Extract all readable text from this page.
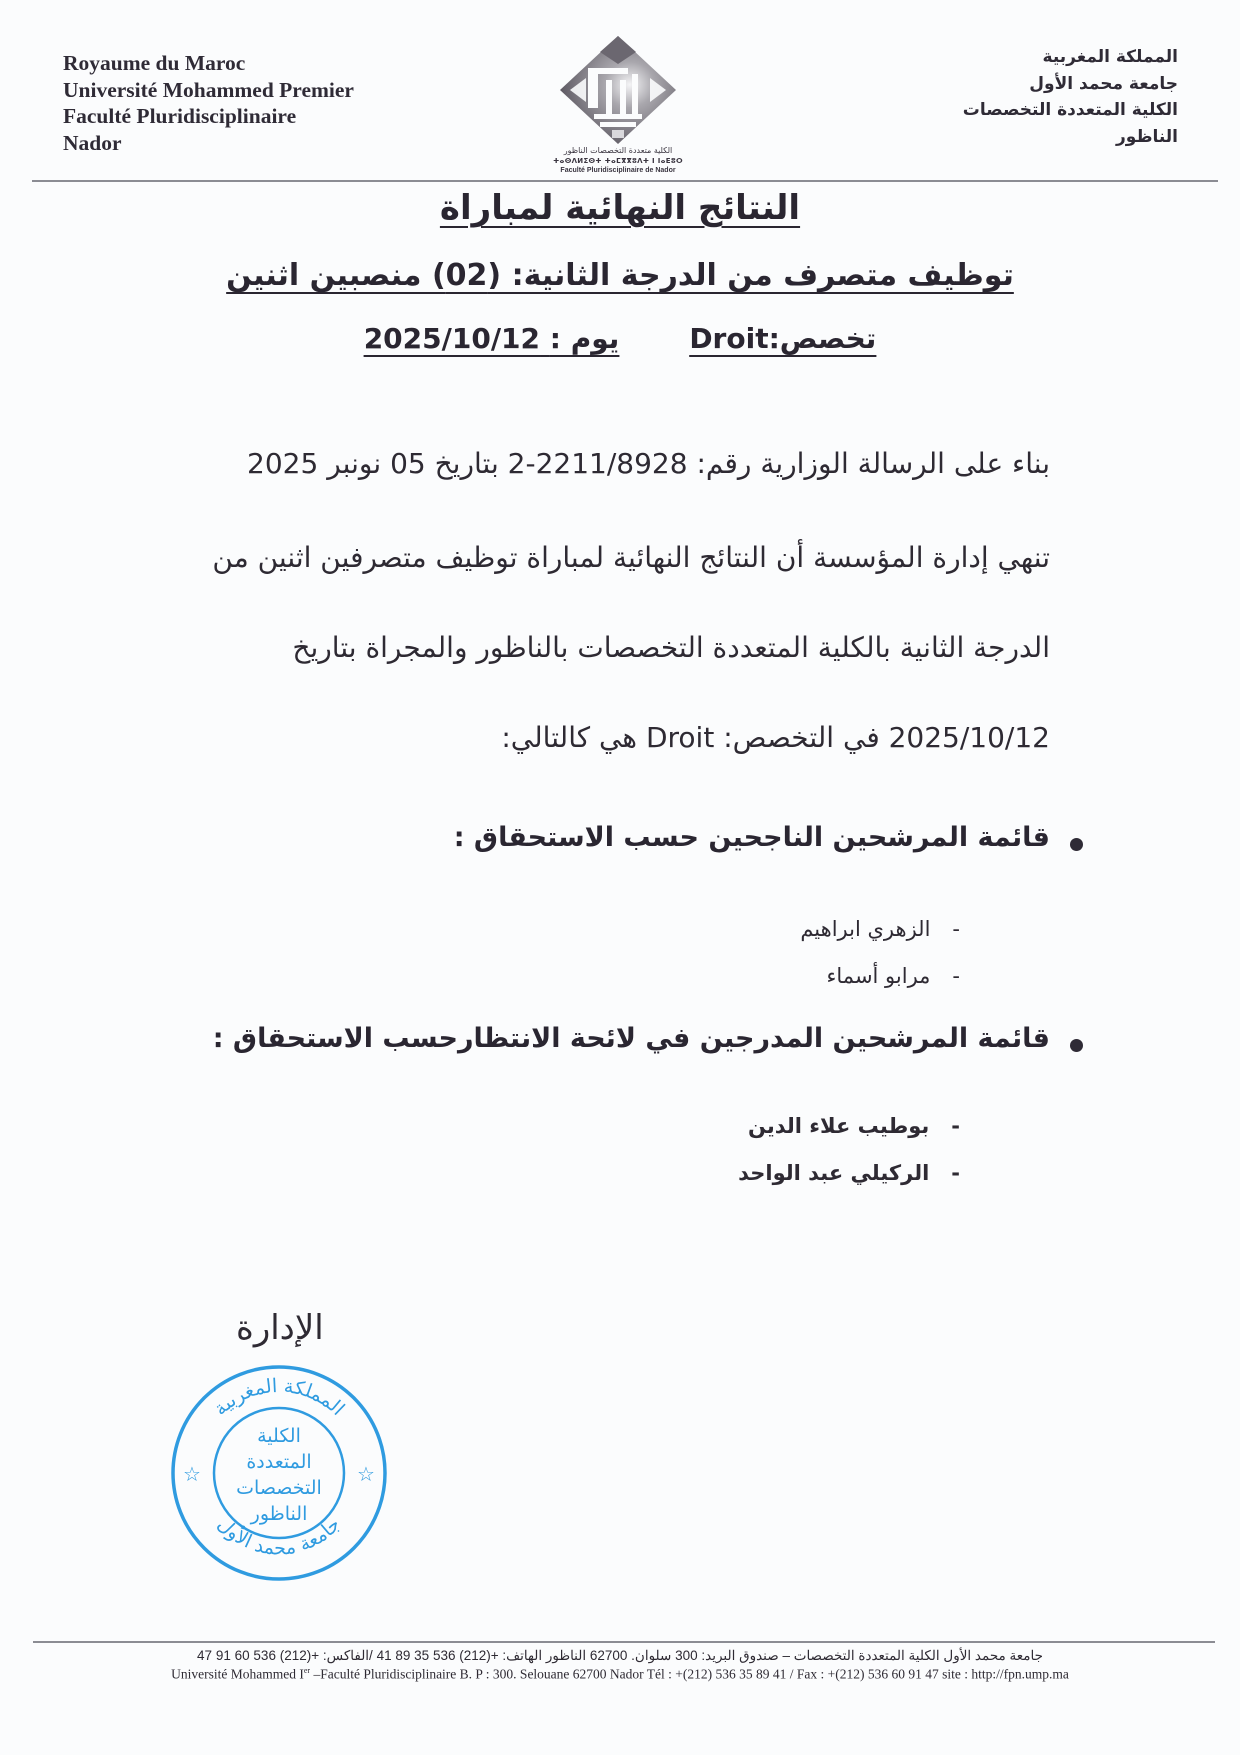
Royaume du Maroc
Université Mohammed Premier
Faculté Pluridisciplinaire
Nador	الكلية متعددة التخصصات الناظور
ⵜⴰⵙⴷⵍⵉⵙⵜ ⵜⴰⵎⴳⴳⵓⴷⵜ ⵏ ⵏⴰⴹⵓⵔ
Faculté Pluridisciplinaire de Nador
المملكة المغربية
جامعة محمد الأول
الكلية المتعددة التخصصات
الناظور
النتائج النهائية لمباراة
توظيف متصرف من الدرجة الثانية: (02) منصبين اثنين
تخصص:Droitيوم : 2025/10/12
بناء على الرسالة الوزارية رقم: 2211/8928-2 بتاريخ 05 نونبر 2025
تنهي إدارة المؤسسة أن النتائج النهائية لمباراة توظيف متصرفين اثنين من
الدرجة الثانية بالكلية المتعددة التخصصات بالناظور والمجراة بتاريخ
2025/10/12 في التخصص: Droit هي كالتالي:
قائمة المرشحين الناجحين حسب الاستحقاق :
-الزهري ابراهيم
-مرابو أسماء
قائمة المرشحين المدرجين في لائحة الانتظارحسب الاستحقاق :
-بوطيب علاء الدين
-الركيلي عبد الواحد
الإدارة
المملكة المغربية
جامعة محمد الأول
☆	☆
الكلية
المتعددة
التخصصات
الناظور
جامعة محمد الأول الكلية المتعددة التخصصات – صندوق البريد: 300 سلوان. 62700 الناظور الهاتف: +(212) 536 35 89 41 /الفاكس: +(212) 536 60 91 47
Université Mohammed Ier –Faculté Pluridisciplinaire B. P : 300. Selouane 62700 Nador Tél : +(212) 536 35 89 41 / Fax : +(212) 536 60 91 47 site : http://fpn.ump.ma
